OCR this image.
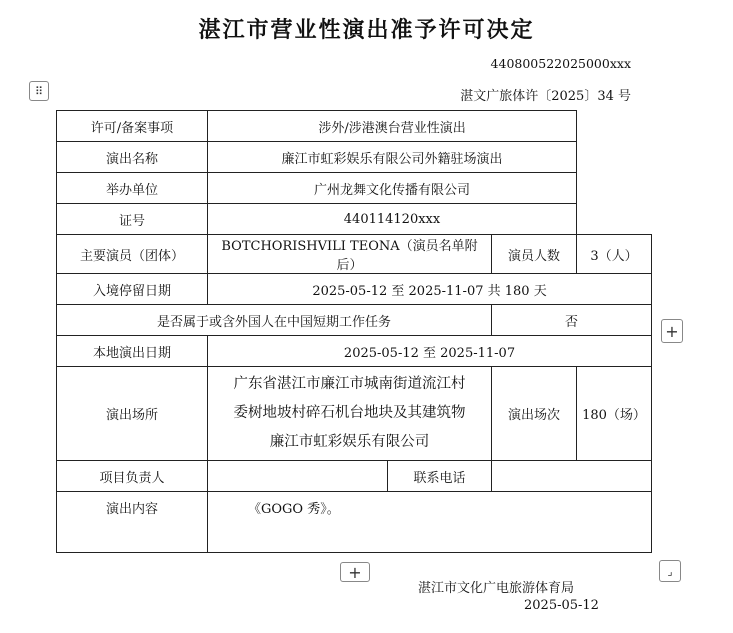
湛江市营业性演出准予许可决定
440800522025000xxx
湛文广旅体许〔2025〕34 号
⠿
许可/备案事项	涉外/涉港澳台营业性演出			
演出名称	廉江市虹彩娱乐有限公司外籍驻场演出			
举办单位	广州龙舞文化传播有限公司			
证号	440114120xxx			
主要演员（团体）	BOTCHORISHVILI TEONA（演员名单附后）		演员人数	3（人）
入境停留日期	2025-05-12 至 2025-11-07 共 180 天			
是否属于或含外国人在中国短期工作任务			否	
本地演出日期	2025-05-12 至 2025-11-07			
演出场所	广东省湛江市廉江市城南街道流江村
委树地坡村碎石机台地块及其建筑物
廉江市虹彩娱乐有限公司		演出场次	180（场）
项目负责人		联系电话		
演出内容	《GOGO 秀》。			
+
+	⌟
湛江市文化广电旅游体育局
2025-05-12
